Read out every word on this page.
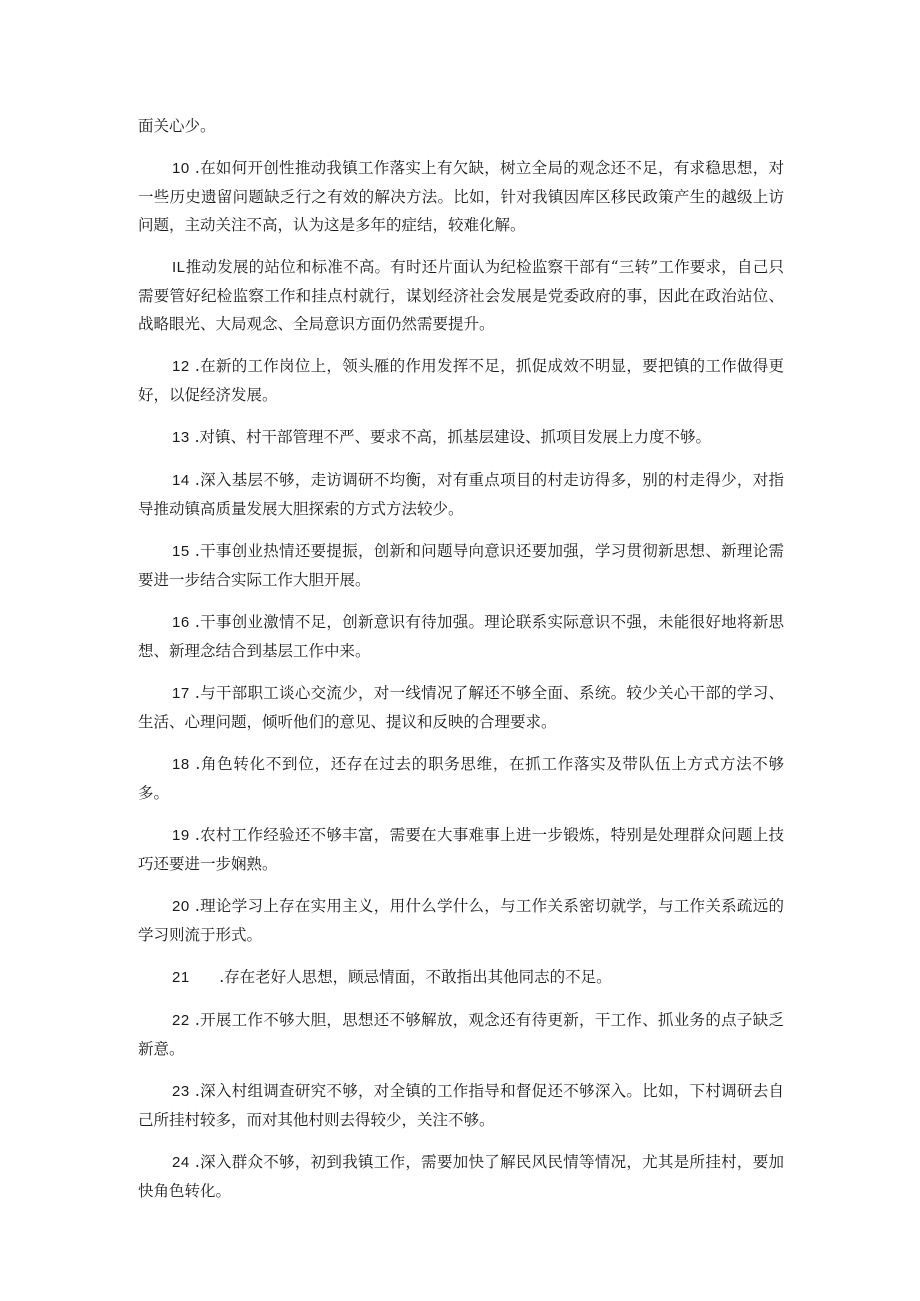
面关心少。

10 .在如何开创性推动我镇工作落实上有欠缺，树立全局的观念还不足，有求稳思想，对一些历史遗留问题缺乏行之有效的解决方法。比如，针对我镇因库区移民政策产生的越级上访问题，主动关注不高，认为这是多年的症结，较难化解。

IL推动发展的站位和标准不高。有时还片面认为纪检监察干部有“三转”工作要求，自己只需要管好纪检监察工作和挂点村就行，谋划经济社会发展是党委政府的事，因此在政治站位、战略眼光、大局观念、全局意识方面仍然需要提升。

12 .在新的工作岗位上，领头雁的作用发挥不足，抓促成效不明显，要把镇的工作做得更好，以促经济发展。

13 .对镇、村干部管理不严、要求不高，抓基层建设、抓项目发展上力度不够。

14 .深入基层不够，走访调研不均衡，对有重点项目的村走访得多，别的村走得少，对指导推动镇高质量发展大胆探索的方式方法较少。

15 .干事创业热情还要提振，创新和问题导向意识还要加强，学习贯彻新思想、新理论需要进一步结合实际工作大胆开展。

16 .干事创业激情不足，创新意识有待加强。理论联系实际意识不强，未能很好地将新思想、新理念结合到基层工作中来。

17 .与干部职工谈心交流少，对一线情况了解还不够全面、系统。较少关心干部的学习、生活、心理问题，倾听他们的意见、提议和反映的合理要求。

18 .角色转化不到位，还存在过去的职务思维，在抓工作落实及带队伍上方式方法不够多。

19 .农村工作经验还不够丰富，需要在大事难事上进一步锻炼，特别是处理群众问题上技巧还要进一步娴熟。

20 .理论学习上存在实用主义，用什么学什么，与工作关系密切就学，与工作关系疏远的学习则流于形式。

21      .存在老好人思想，顾忌情面，不敢指出其他同志的不足。

22 .开展工作不够大胆，思想还不够解放，观念还有待更新，干工作、抓业务的点子缺乏新意。

23 .深入村组调查研究不够，对全镇的工作指导和督促还不够深入。比如，下村调研去自己所挂村较多，而对其他村则去得较少，关注不够。

24 .深入群众不够，初到我镇工作，需要加快了解民风民情等情况，尤其是所挂村，要加快角色转化。
